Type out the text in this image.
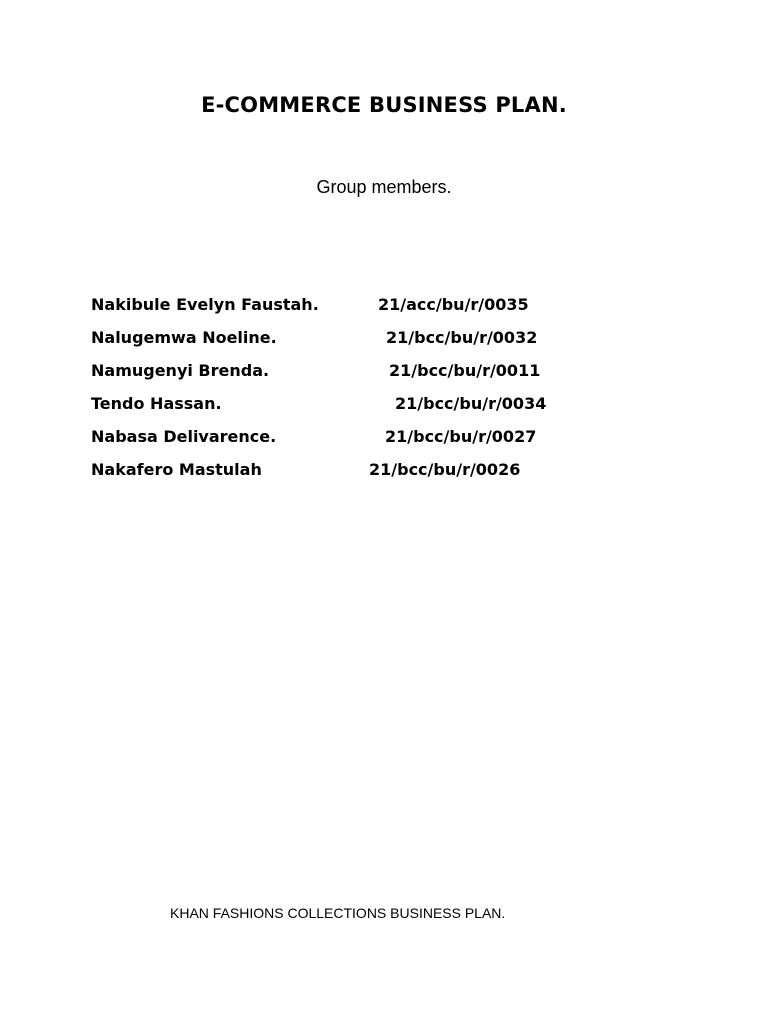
E-COMMERCE BUSINESS PLAN.
Group members.
Nakibule Evelyn Faustah.	21/acc/bu/r/0035
Nalugemwa Noeline.	21/bcc/bu/r/0032
Namugenyi Brenda.	21/bcc/bu/r/0011
Tendo Hassan.	21/bcc/bu/r/0034
Nabasa Delivarence.	21/bcc/bu/r/0027
Nakafero Mastulah	21/bcc/bu/r/0026
KHAN FASHIONS COLLECTIONS BUSINESS PLAN.
